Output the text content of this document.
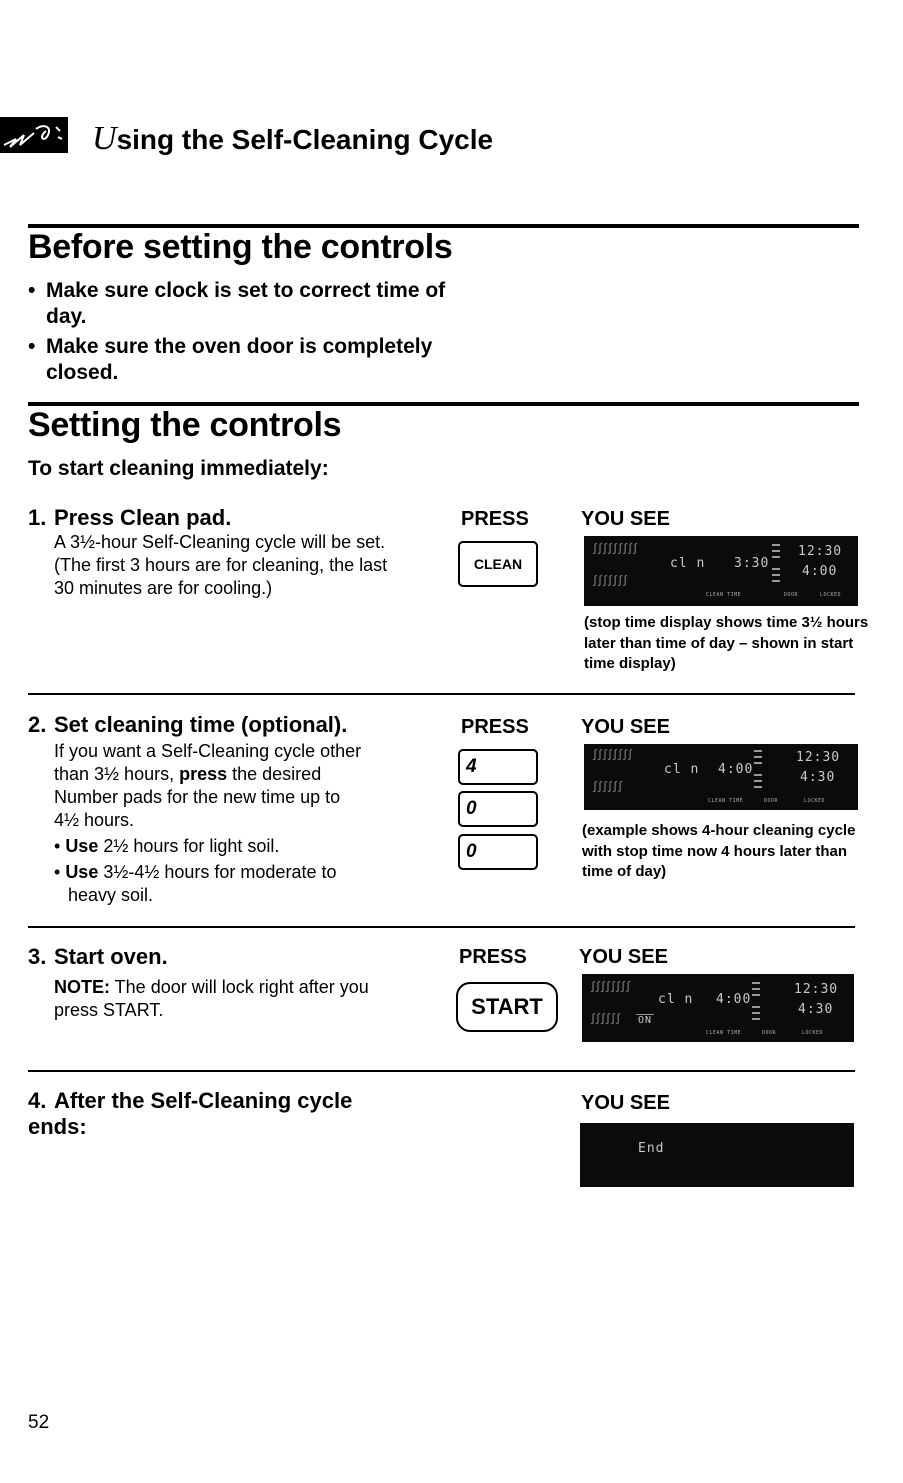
Using the Self-Cleaning Cycle
Before setting the controls
• Make sure clock is set to correct time of day.
• Make sure the oven door is completely closed.
Setting the controls
To start cleaning immediately:
1. Press Clean pad.
A 3½-hour Self-Cleaning cycle will be set. (The first 3 hours are for cleaning, the last 30 minutes are for cooling.)
PRESS
CLEAN
YOU SEE
∫∫∫∫∫∫∫∫∫
∫∫∫∫∫∫∫
cl n 3:30
12:30
4:00
CLEAN TIME	DOOR	LOCKED
(stop time display shows time 3½ hours later than time of day – shown in start time display)
2. Set cleaning time (optional).
If you want a Self-Cleaning cycle other than 3½ hours, press the desired Number pads for the new time up to 4½ hours.
• Use 2½ hours for light soil.
• Use 3½-4½ hours for moderate to heavy soil.
PRESS
4
0
0
YOU SEE
∫∫∫∫∫∫∫∫
∫∫∫∫∫∫
cl n 4:00
12:30
4:30
CLEAN TIME	DOOR	LOCKED
(example shows 4-hour cleaning cycle with stop time now 4 hours later than time of day)
3. Start oven.
NOTE: The door will lock right after you press START.
PRESS
START
YOU SEE
∫∫∫∫∫∫∫∫
∫∫∫∫∫∫ ON
cl n 4:00
12:30
4:30
CLEAN TIME	DOOR	LOCKED
4. After the Self-Cleaning cycle ends:
YOU SEE
End
52
